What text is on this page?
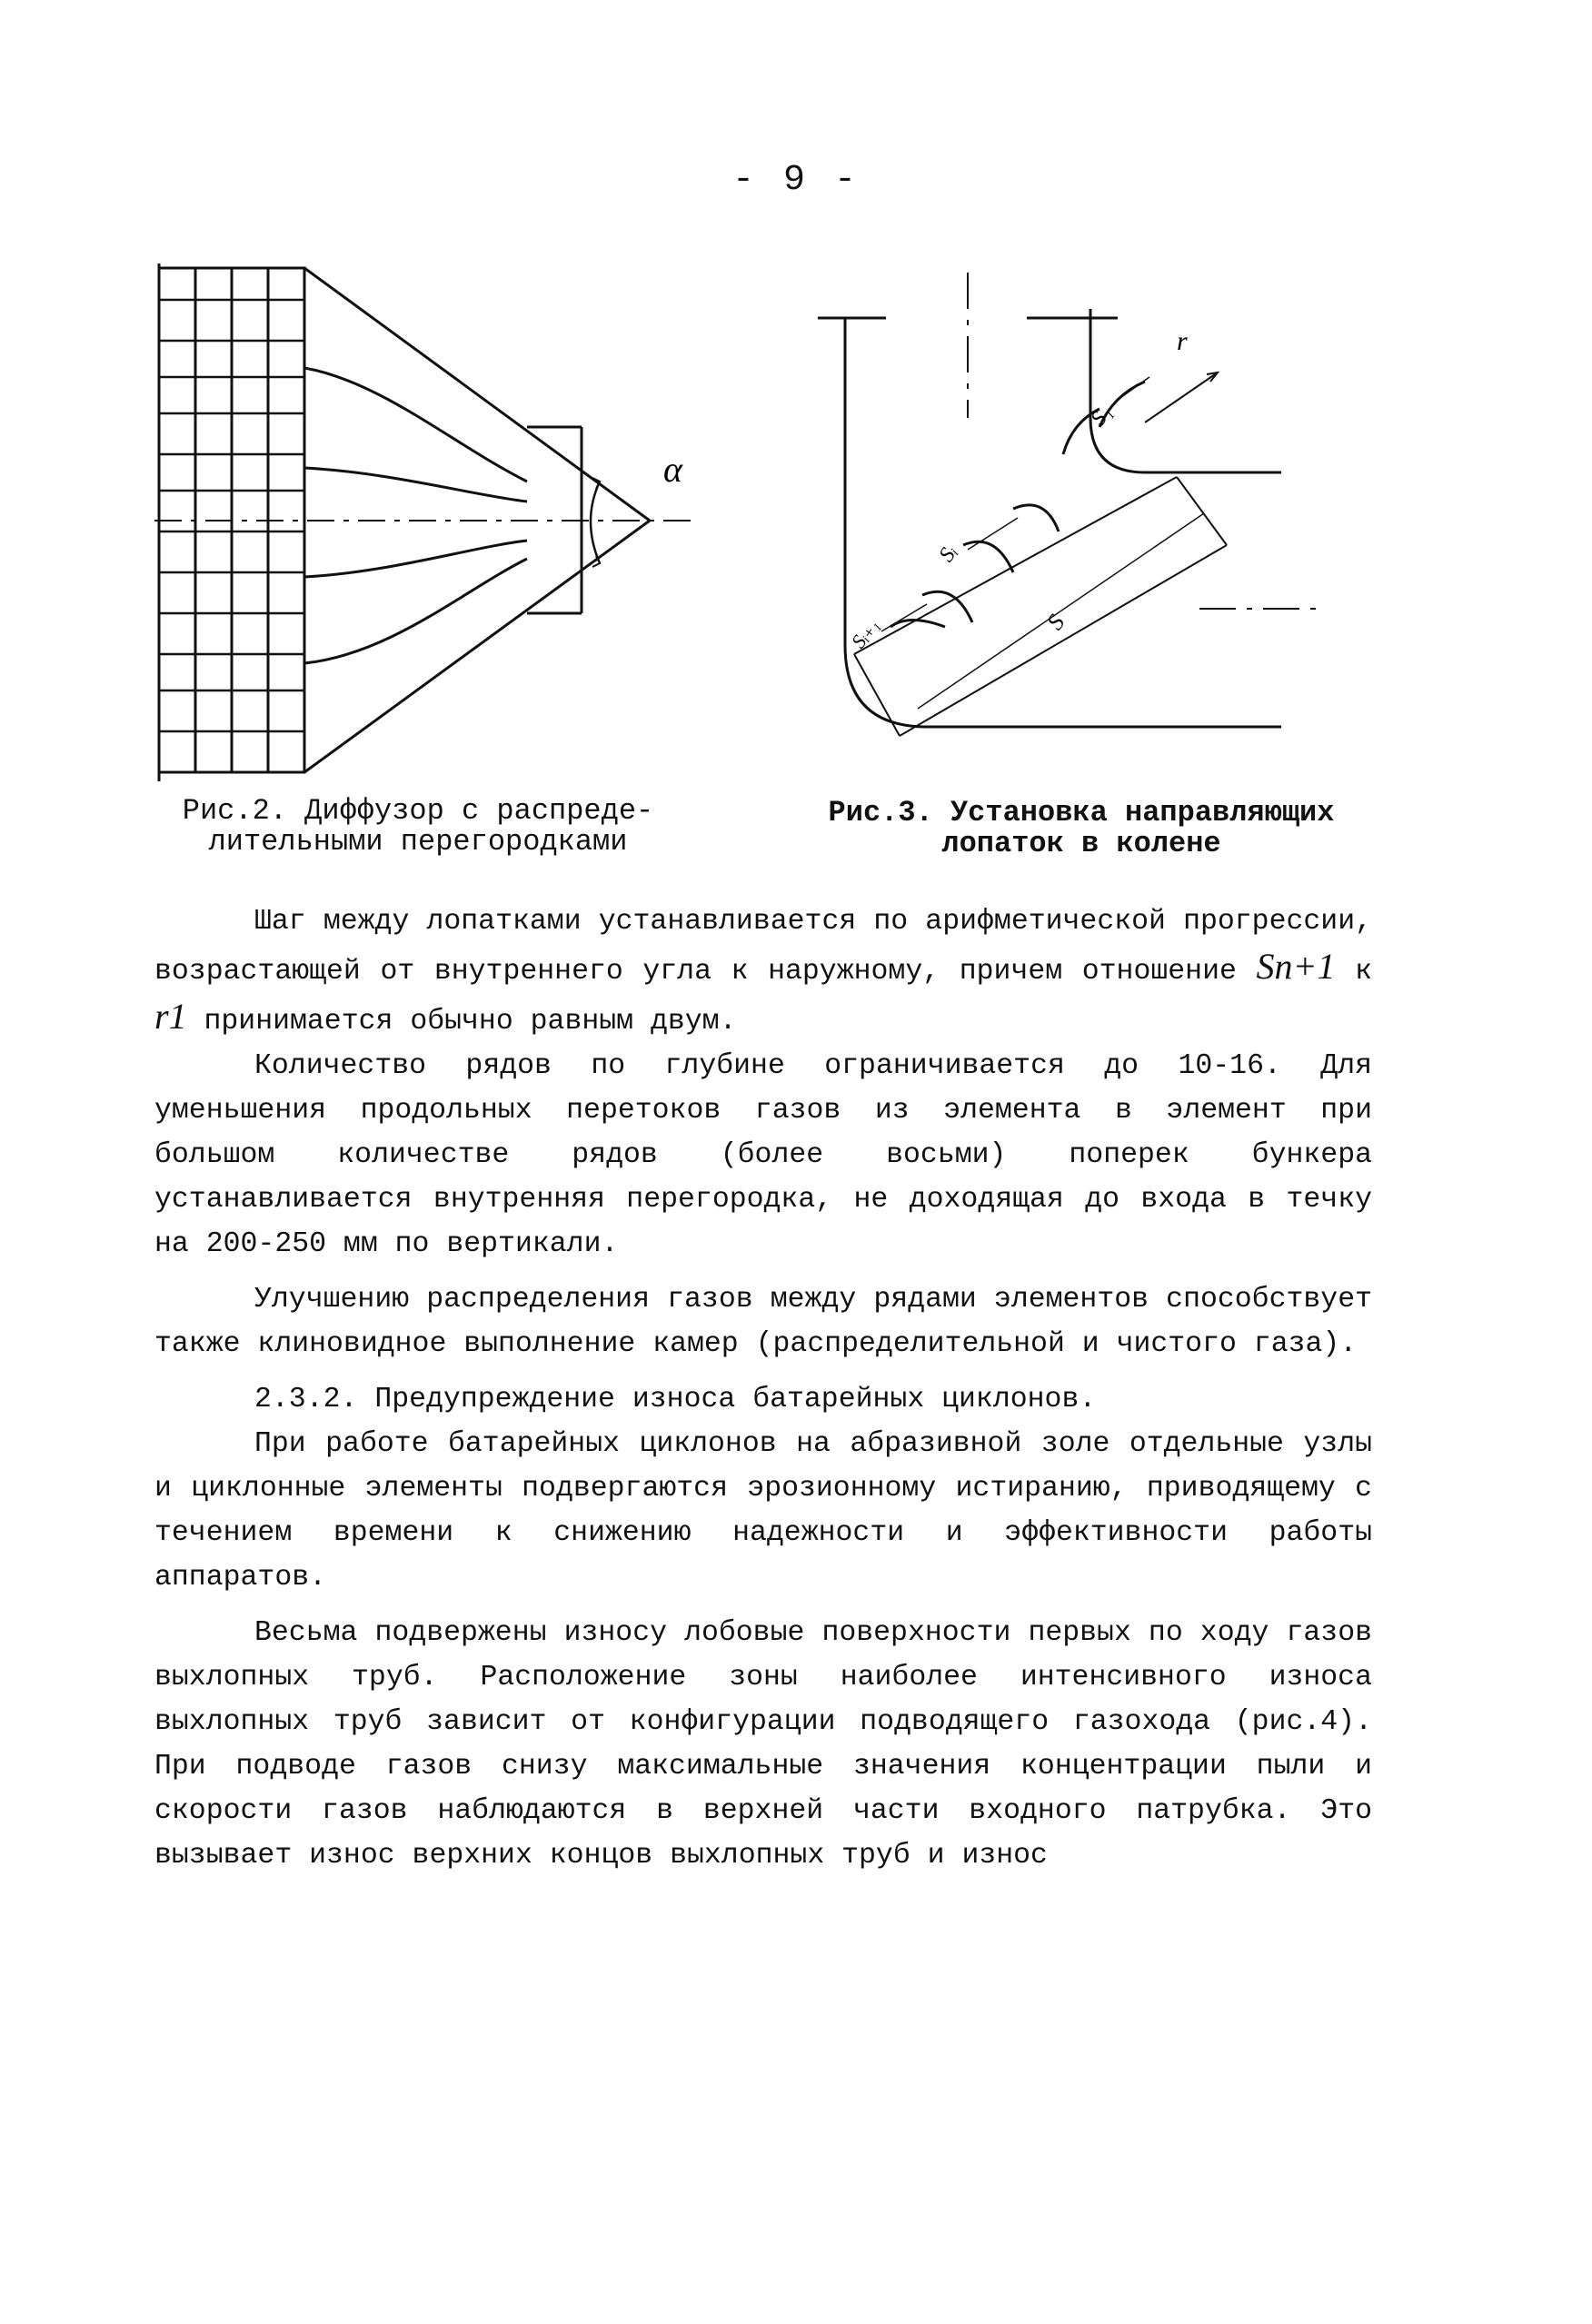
- 9 -
α
Рис.2. Диффузор с распреде-
лительными перегородками
r
S₁
Sᵢ
Sᵢ₊₁	S
Рис.3. Установка направляющих
лопаток в колене

Шаг между лопатками устанавливается по арифметической прогрессии, возрастающей от внутреннего угла к наружному, причем отношение Sn+1 к r1 принимается обычно равным двум.

Количество рядов по глубине ограничивается до 10-16. Для уменьшения продольных перетоков газов из элемента в элемент при большом количестве рядов (более восьми) поперек бункера устанавливается внутренняя перегородка, не доходящая до входа в течку на 200-250 мм по вертикали.

Улучшению распределения газов между рядами элементов способствует также клиновидное выполнение камер (распределительной и чистого газа).

2.3.2. Предупреждение износа батарейных циклонов.

При работе батарейных циклонов на абразивной золе отдельные узлы и циклонные элементы подвергаются эрозионному истиранию, приводящему с течением времени к снижению надежности и эффективности работы аппаратов.

Весьма подвержены износу лобовые поверхности первых по ходу газов выхлопных труб. Расположение зоны наиболее интенсивного износа выхлопных труб зависит от конфигурации подводящего газохода (рис.4). При подводе газов снизу максимальные значения концентрации пыли и скорости газов наблюдаются в верхней части входного патрубка. Это вызывает износ верхних концов выхлопных труб и износ
